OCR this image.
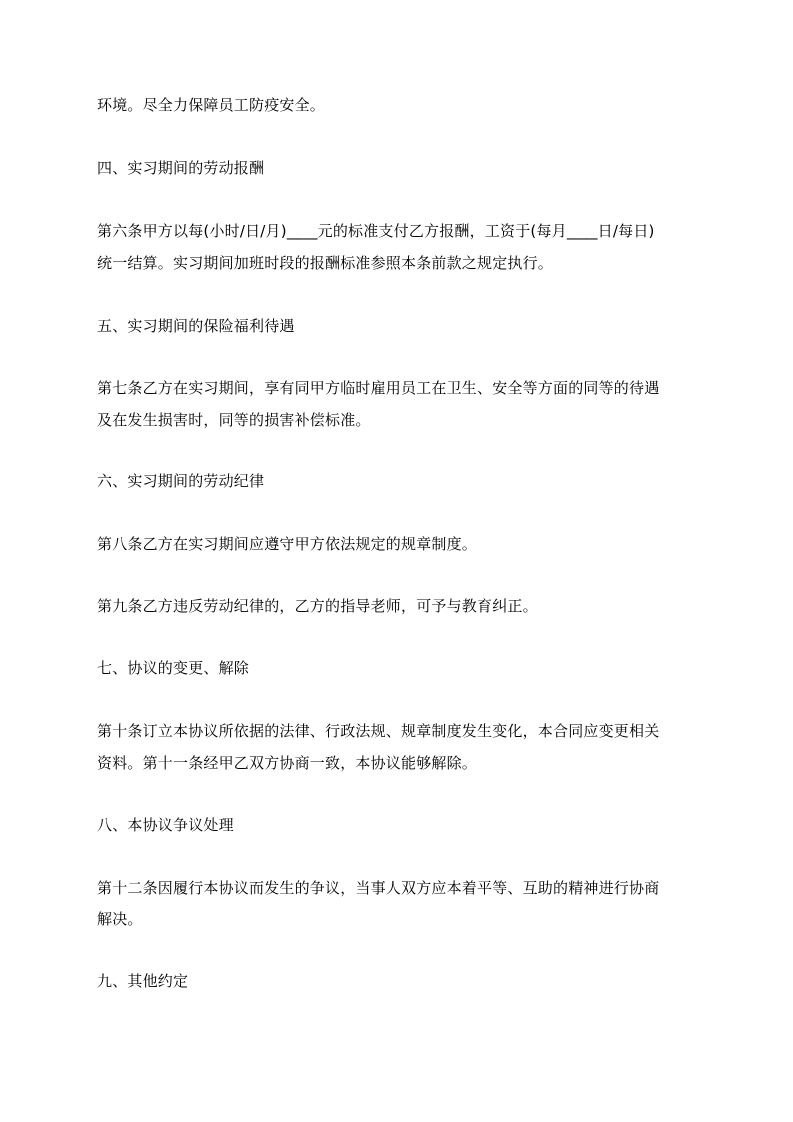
环境。尽全力保障员工防疫安全。
四、实习期间的劳动报酬
第六条甲方以每(小时/日/月)____元的标准支付乙方报酬，工资于(每月____日/每日)
统一结算。实习期间加班时段的报酬标准参照本条前款之规定执行。
五、实习期间的保险福利待遇
第七条乙方在实习期间，享有同甲方临时雇用员工在卫生、安全等方面的同等的待遇
及在发生损害时，同等的损害补偿标准。
六、实习期间的劳动纪律
第八条乙方在实习期间应遵守甲方依法规定的规章制度。
第九条乙方违反劳动纪律的，乙方的指导老师，可予与教育纠正。
七、协议的变更、解除
第十条订立本协议所依据的法律、行政法规、规章制度发生变化，本合同应变更相关
资料。第十一条经甲乙双方协商一致，本协议能够解除。
八、本协议争议处理
第十二条因履行本协议而发生的争议，当事人双方应本着平等、互助的精神进行协商
解决。
九、其他约定
